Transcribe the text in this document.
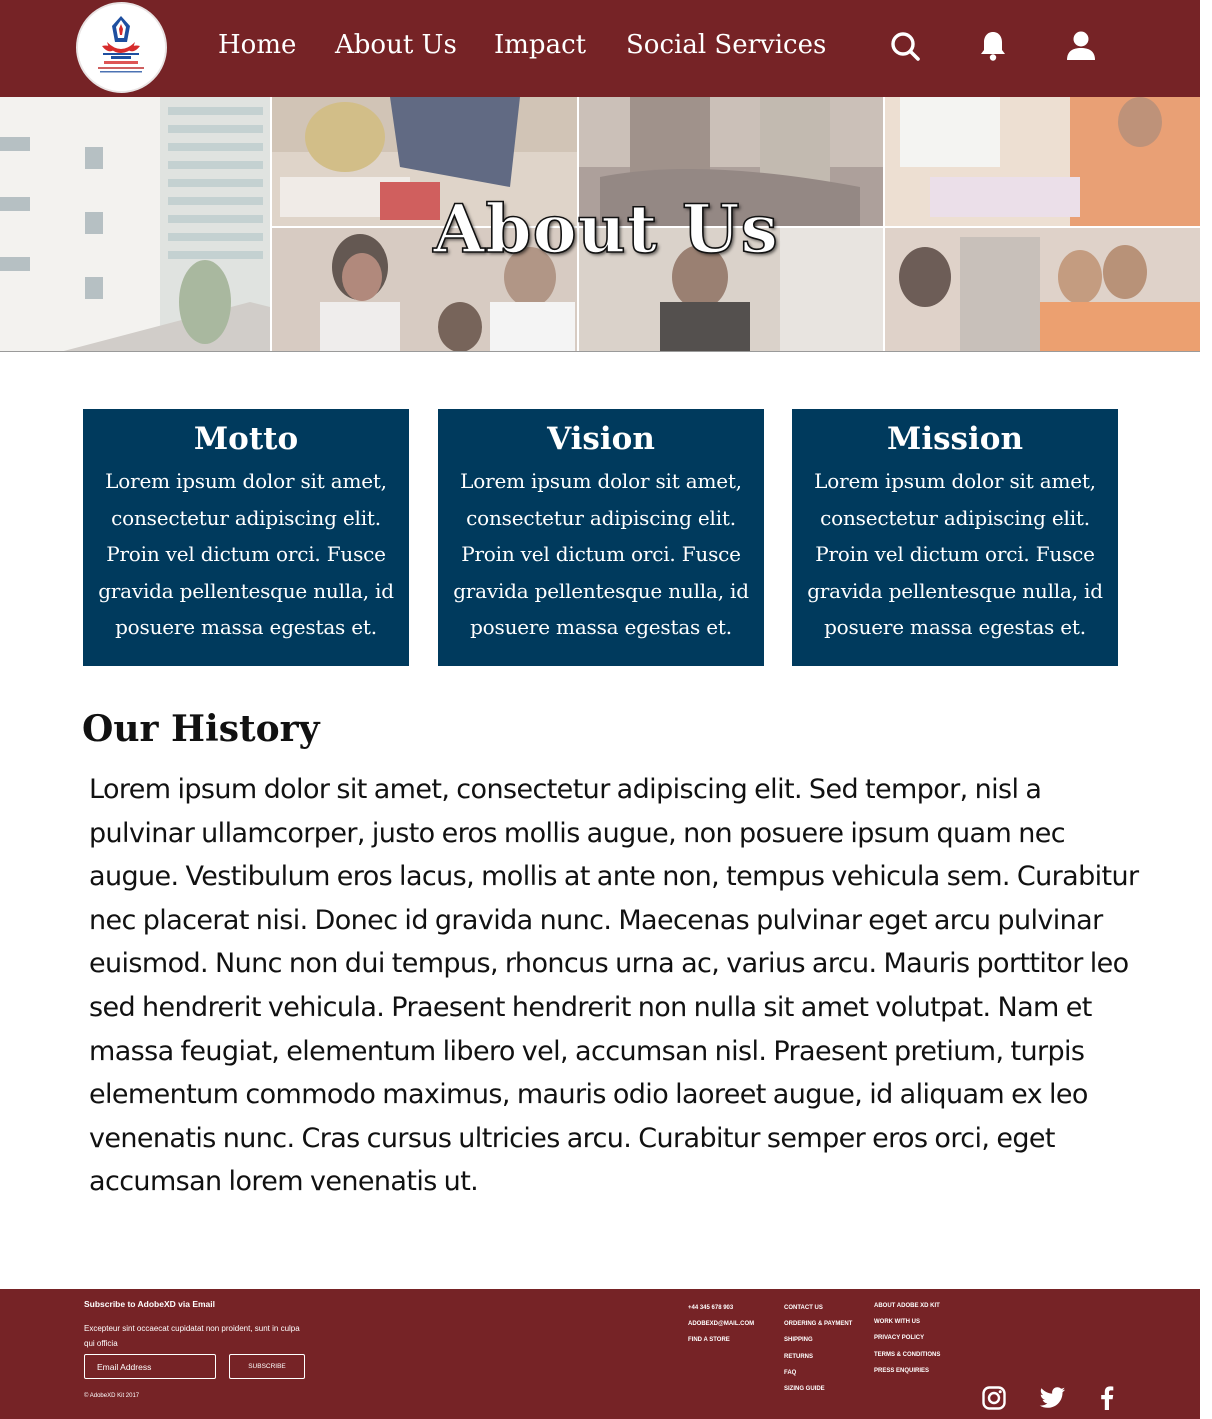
Home About Us Impact Social Services
About Us
Motto

Lorem ipsum dolor sit amet, consectetur adipiscing elit. Proin vel dictum orci. Fusce gravida pellentesque nulla, id posuere massa egestas et.

Vision

Lorem ipsum dolor sit amet, consectetur adipiscing elit. Proin vel dictum orci. Fusce gravida pellentesque nulla, id posuere massa egestas et.

Mission

Lorem ipsum dolor sit amet, consectetur adipiscing elit. Proin vel dictum orci. Fusce gravida pellentesque nulla, id posuere massa egestas et.

Our History

Lorem ipsum dolor sit amet, consectetur adipiscing elit. Sed tempor, nisl a pulvinar ullamcorper, justo eros mollis augue, non posuere ipsum quam nec augue. Vestibulum eros lacus, mollis at ante non, tempus vehicula sem. Curabitur nec placerat nisi. Donec id gravida nunc. Maecenas pulvinar eget arcu pulvinar euismod. Nunc non dui tempus, rhoncus urna ac, varius arcu. Mauris porttitor leo sed hendrerit vehicula. Praesent hendrerit non nulla sit amet volutpat. Nam et massa feugiat, elementum libero vel, accumsan nisl. Praesent pretium, turpis elementum commodo maximus, mauris odio laoreet augue, id aliquam ex leo venenatis nunc. Cras cursus ultricies arcu. Curabitur semper eros orci, eget accumsan lorem venenatis ut.

Subscribe to AdobeXD via Email
Excepteur sint occaecat cupidatat non proident, sunt in culpa qui officia
Email Address
SUBSCRIBE
© AdobeXD Kit 2017
+44 345 678 903
ADOBEXD@MAIL.COM
FIND A STORE
CONTACT US
ORDERING & PAYMENT
SHIPPING
RETURNS
FAQ
SIZING GUIDE
ABOUT ADOBE XD KIT
WORK WITH US
PRIVACY POLICY
TERMS & CONDITIONS
PRESS ENQUIRIES
